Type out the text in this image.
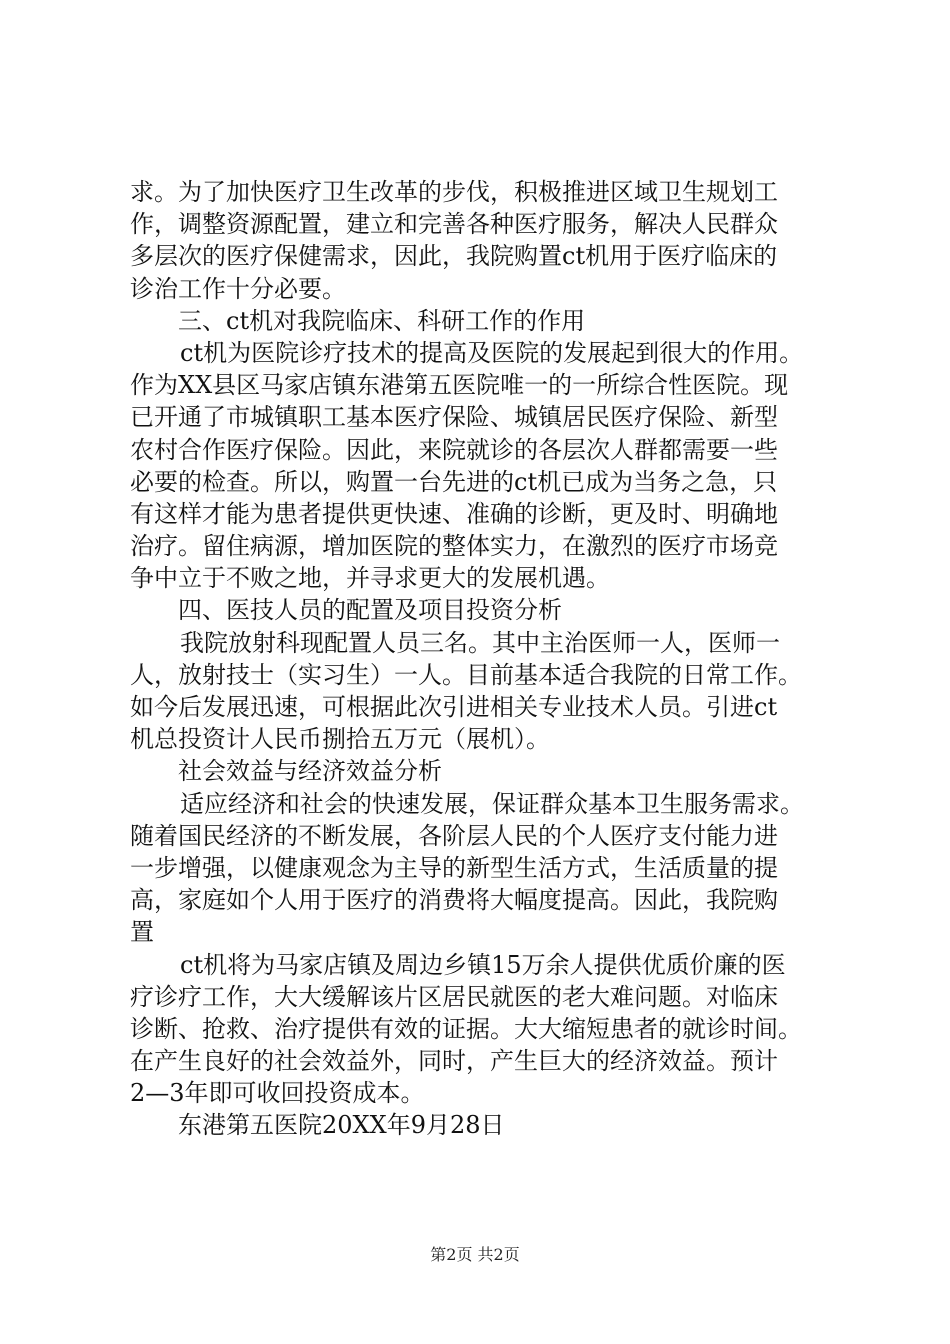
求。为了加快医疗卫生改革的步伐，积极推进区域卫生规划工
作，调整资源配置，建立和完善各种医疗服务，解决人民群众
多层次的医疗保健需求，因此，我院购置ct机用于医疗临床的
诊治工作十分必要。
三、ct机对我院临床、科研工作的作用
ct机为医院诊疗技术的提高及医院的发展起到很大的作用。
作为XX县区马家店镇东港第五医院唯一的一所综合性医院。现
已开通了市城镇职工基本医疗保险、城镇居民医疗保险、新型
农村合作医疗保险。因此，来院就诊的各层次人群都需要一些
必要的检查。所以，购置一台先进的ct机已成为当务之急，只
有这样才能为患者提供更快速、准确的诊断，更及时、明确地
治疗。留住病源，增加医院的整体实力，在激烈的医疗市场竞
争中立于不败之地，并寻求更大的发展机遇。
四、医技人员的配置及项目投资分析
我院放射科现配置人员三名。其中主治医师一人，医师一
人，放射技士（实习生）一人。目前基本适合我院的日常工作。
如今后发展迅速，可根据此次引进相关专业技术人员。引进ct
机总投资计人民币捌拾五万元（展机）。
社会效益与经济效益分析
适应经济和社会的快速发展，保证群众基本卫生服务需求。
随着国民经济的不断发展，各阶层人民的个人医疗支付能力进
一步增强，以健康观念为主导的新型生活方式，生活质量的提
高，家庭如个人用于医疗的消费将大幅度提高。因此，我院购
置
ct机将为马家店镇及周边乡镇15万余人提供优质价廉的医
疗诊疗工作，大大缓解该片区居民就医的老大难问题。对临床
诊断、抢救、治疗提供有效的证据。大大缩短患者的就诊时间。
在产生良好的社会效益外，同时，产生巨大的经济效益。预计
2—3年即可收回投资成本。
东港第五医院20XX年9月28日
第2页 共2页
